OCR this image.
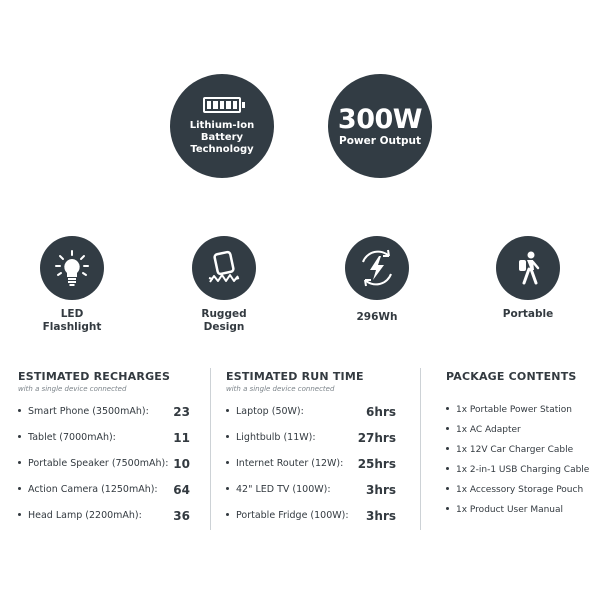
Lithium-Ion
Battery
Technology
300W
Power Output
LED
Flashlight
Rugged
Design
296Wh	Portable
ESTIMATED RECHARGES
with a single device connected
Smart Phone (3500mAh):	23
Tablet (7000mAh):	11
Portable Speaker (7500mAh): 10
Action Camera (1250mAh):	64
Head Lamp (2200mAh):	36
ESTIMATED RUN TIME
with a single device connected
Laptop (50W):	6hrs
Lightbulb (11W):	27hrs
Internet Router (12W):	25hrs
42" LED TV (100W):	3hrs
Portable Fridge (100W):	3hrs
PACKAGE CONTENTS
1x Portable Power Station
1x AC Adapter
1x 12V Car Charger Cable
1x 2-in-1 USB Charging Cable
1x Accessory Storage Pouch
1x Product User Manual
